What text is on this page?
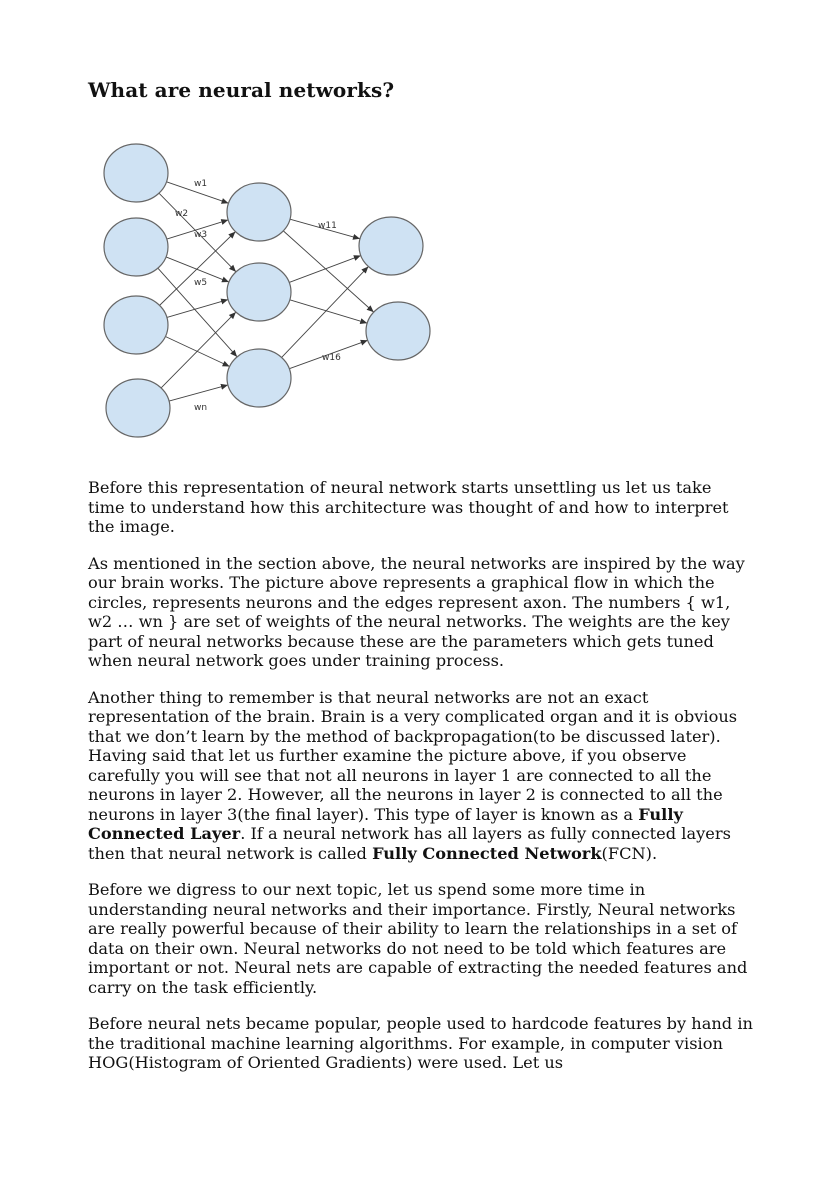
What are neural networks?
w1
w2
w3
w5
wn
w11
w16

Before this representation of neural network starts unsettling us let us take time to understand how this architecture was thought of and how to interpret the image.

As mentioned in the section above, the neural networks are inspired by the way our brain works. The picture above represents a graphical flow in which the circles, represents neurons and the edges represent axon. The numbers { w1, w2 … wn } are set of weights of the neural networks. The weights are the key part of neural networks because these are the parameters which gets tuned when neural network goes under training process.

Another thing to remember is that neural networks are not an exact representation of the brain. Brain is a very complicated organ and it is obvious that we don’t learn by the method of backpropagation(to be discussed later). Having said that let us further examine the picture above, if you observe carefully you will see that not all neurons in layer 1 are connected to all the neurons in layer 2. However, all the neurons in layer 2 is connected to all the neurons in layer 3(the final layer). This type of layer is known as a Fully Connected Layer. If a neural network has all layers as fully connected layers then that neural network is called Fully Connected Network(FCN).

Before we digress to our next topic, let us spend some more time in understanding neural networks and their importance. Firstly, Neural networks are really powerful because of their ability to learn the relationships in a set of data on their own. Neural networks do not need to be told which features are important or not. Neural nets are capable of extracting the needed features and carry on the task efficiently.

Before neural nets became popular, people used to hardcode features by hand in the traditional machine learning algorithms. For example, in computer vision HOG(Histogram of Oriented Gradients) were used. Let us
